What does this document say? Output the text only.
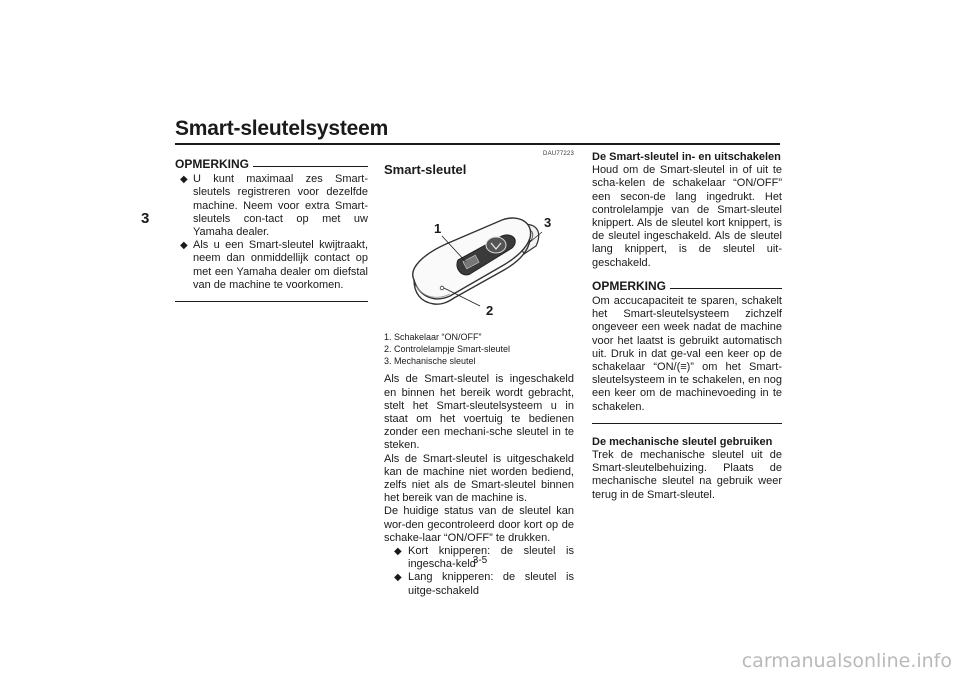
Smart-sleutelsysteem
3
OPMERKING
◆ U kunt maximaal zes Smart-sleutels registreren voor dezelfde machine. Neem voor extra Smart-sleutels con-tact op met uw Yamaha dealer.
◆ Als u een Smart-sleutel kwijtraakt, neem dan onmiddellijk contact op met een Yamaha dealer om diefstal van de machine te voorkomen.
DAU77223
Smart-sleutel
1	3
2
1. Schakelaar “ON/OFF”
2. Controlelampje Smart-sleutel
3. Mechanische sleutel
Als de Smart-sleutel is ingeschakeld en binnen het bereik wordt gebracht, stelt het Smart-sleutelsysteem u in staat om het voertuig te bedienen zonder een mechani-sche sleutel in te steken.
Als de Smart-sleutel is uitgeschakeld kan de machine niet worden bediend, zelfs niet als de Smart-sleutel binnen het bereik van de machine is.
De huidige status van de sleutel kan wor-den gecontroleerd door kort op de schake-laar “ON/OFF” te drukken.
◆ Kort knipperen: de sleutel is ingescha-keld
◆ Lang knipperen: de sleutel is uitge-schakeld
De Smart-sleutel in- en uitschakelen
Houd om de Smart-sleutel in of uit te scha-kelen de schakelaar “ON/OFF” een secon-de lang ingedrukt. Het controlelampje van de Smart-sleutel knippert. Als de sleutel kort knippert, is de sleutel ingeschakeld. Als de sleutel lang knippert, is de sleutel uit-geschakeld.
OPMERKING
Om accucapaciteit te sparen, schakelt het Smart-sleutelsysteem zichzelf ongeveer een week nadat de machine voor het laatst is gebruikt automatisch uit. Druk in dat ge-val een keer op de schakelaar “ON/(≡)” om het Smart-sleutelsysteem in te schakelen, en nog een keer om de machinevoeding in te schakelen.
De mechanische sleutel gebruiken
Trek de mechanische sleutel uit de Smart-sleutelbehuizing. Plaats de mechanische sleutel na gebruik weer terug in de Smart-sleutel.
3-5
carmanualsonline.info
